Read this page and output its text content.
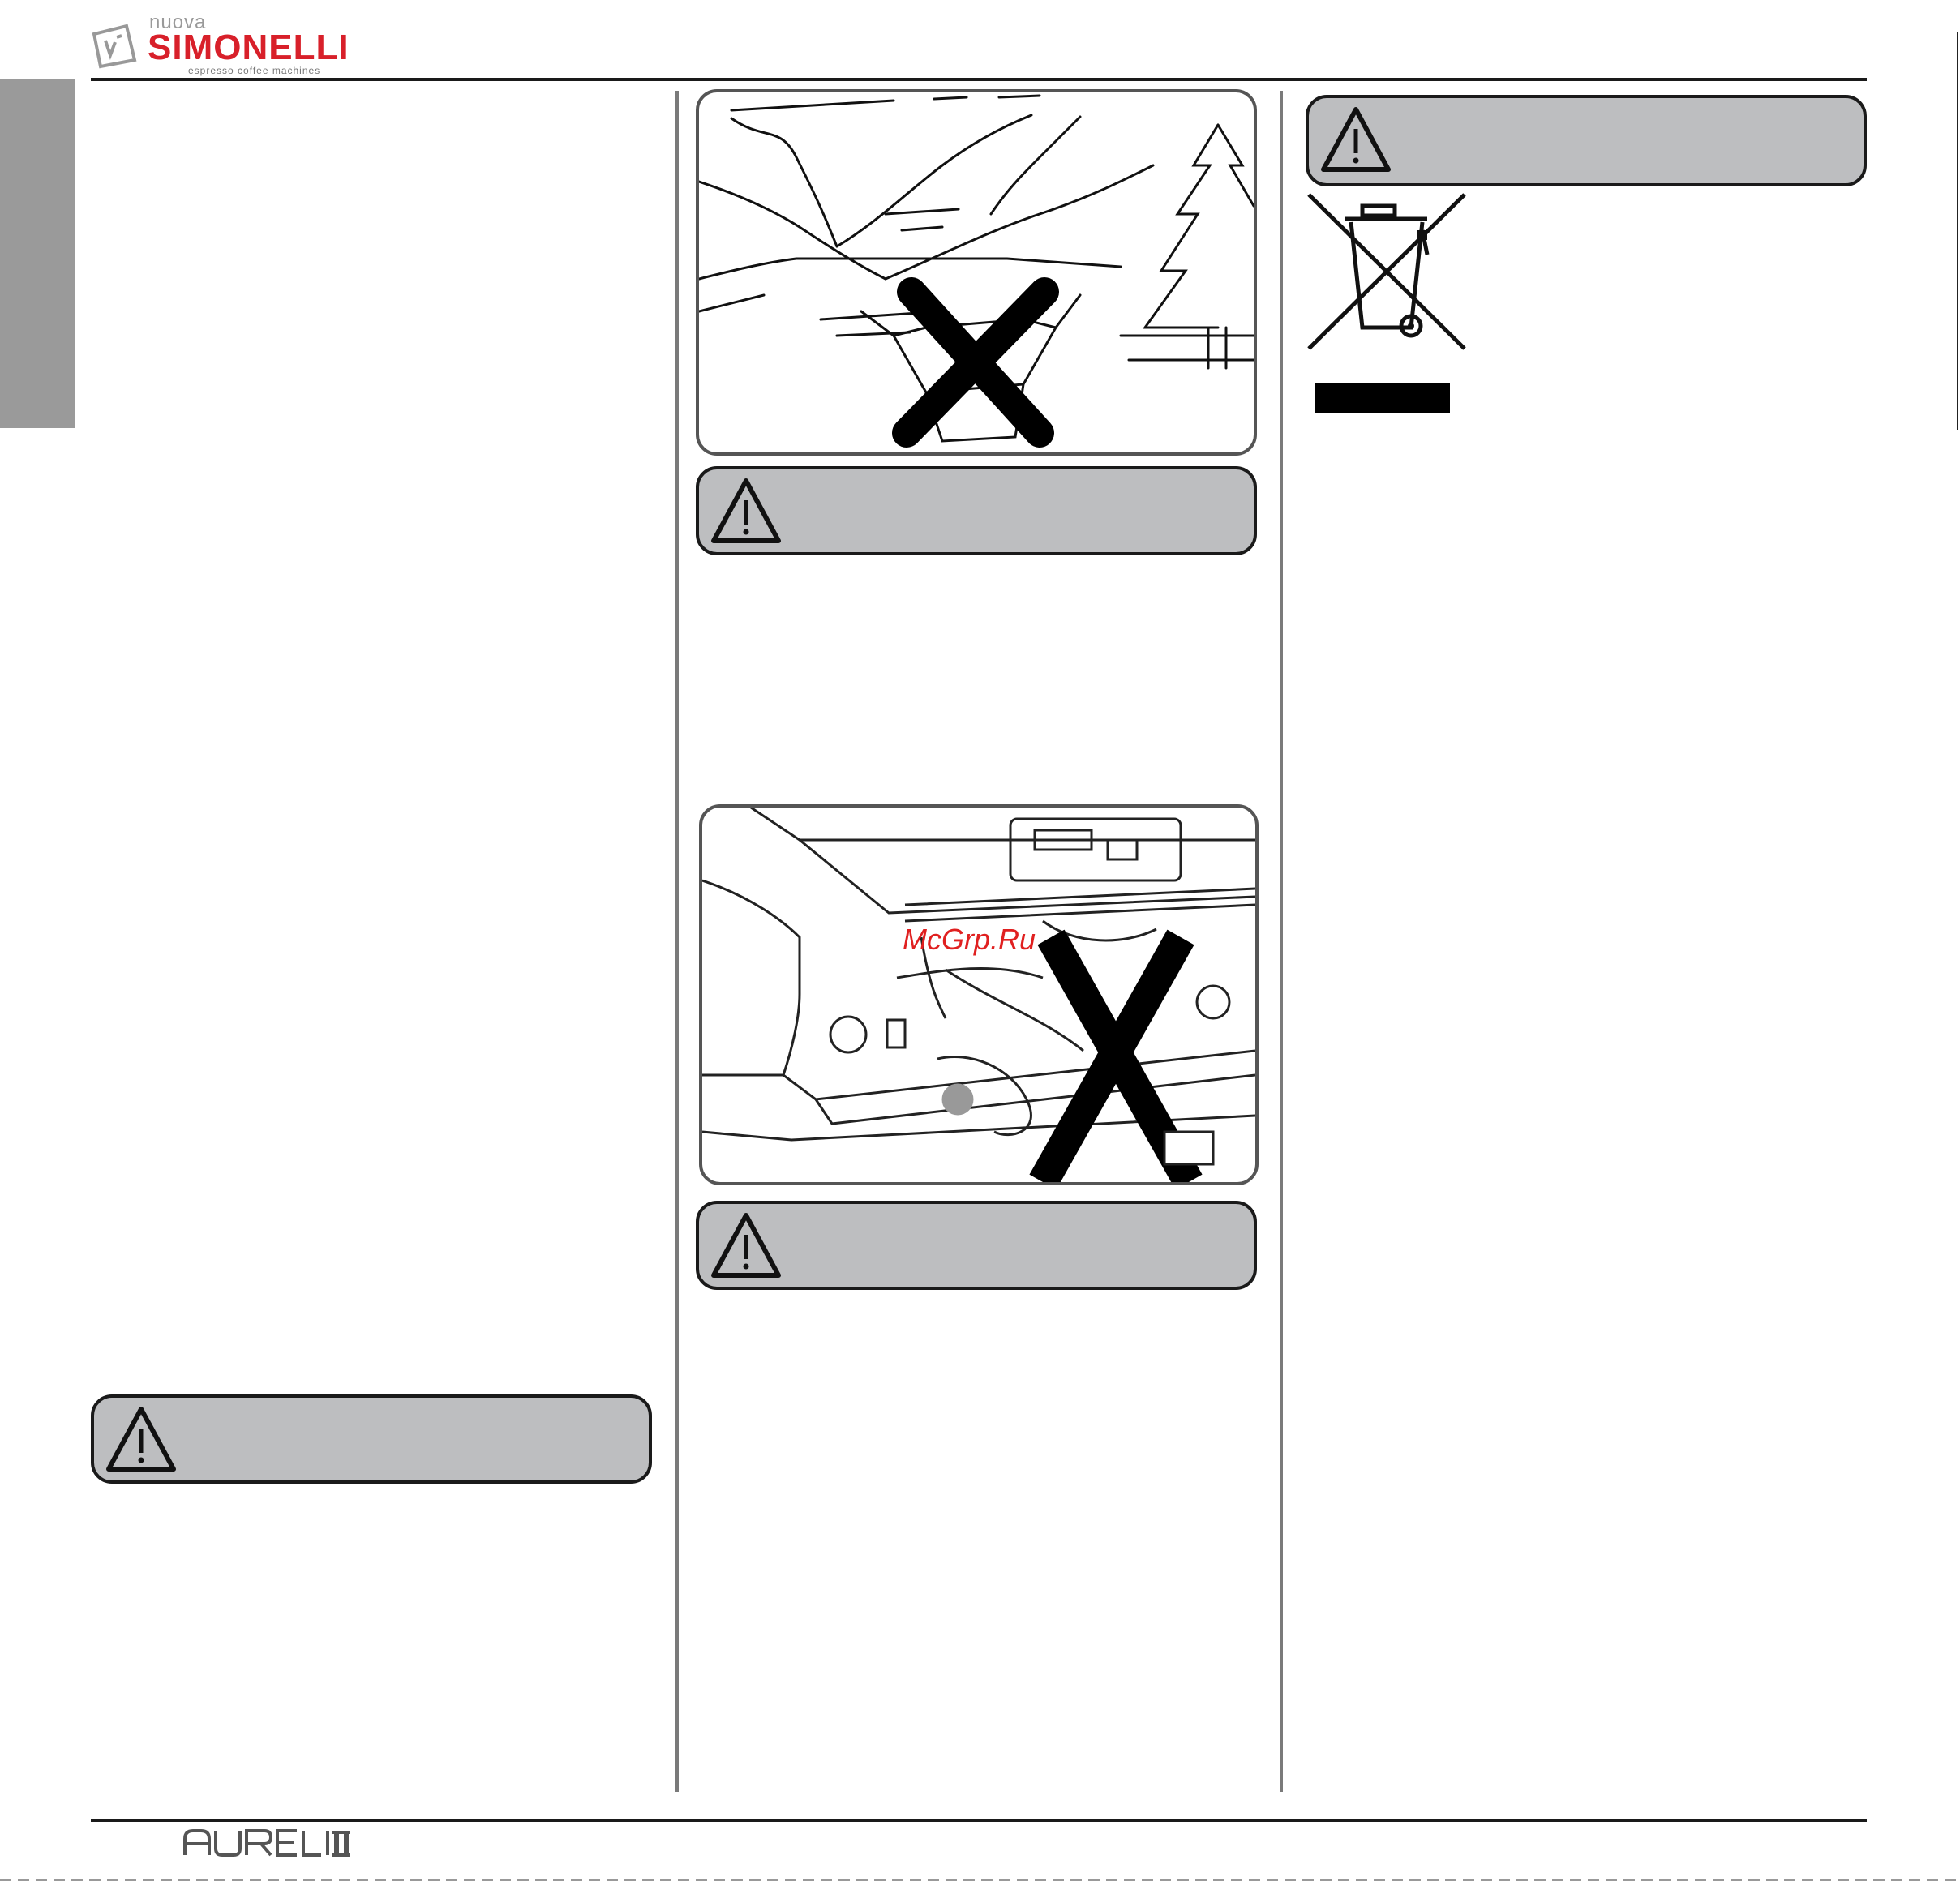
nuova
SIMONELLI
espresso coffee machines
McGrp.Ru
